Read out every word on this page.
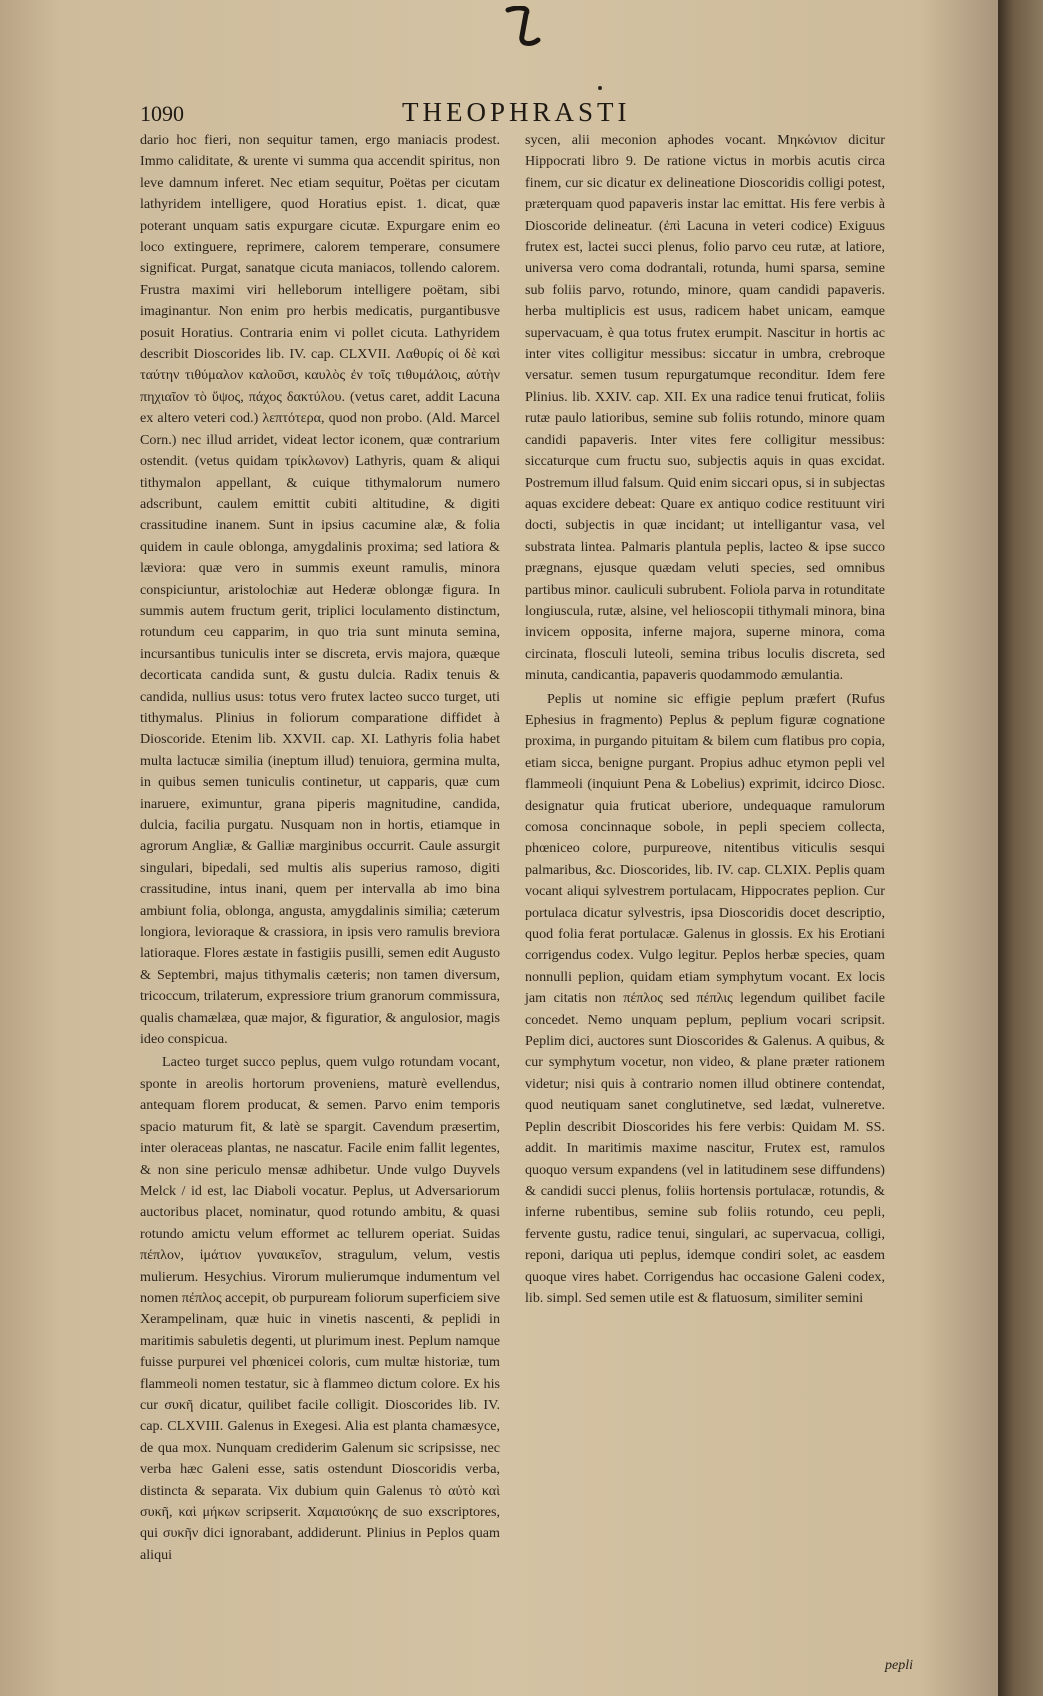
1090	THEOPHRASTI

dario hoc fieri, non sequitur tamen, ergo maniacis prodest. Immo caliditate, & urente vi summa qua accendit spiritus, non leve damnum inferet. Nec etiam sequitur, Poëtas per cicutam lathyridem intelligere, quod Horatius epist. 1. dicat, quæ poterant unquam satis expurgare cicutæ. Expurgare enim eo loco extinguere, reprimere, calorem temperare, consumere significat. Purgat, sanatque cicuta maniacos, tollendo calorem. Frustra maximi viri helleborum intelligere poëtam, sibi imaginantur. Non enim pro herbis medicatis, purgantibusve posuit Horatius. Contraria enim vi pollet cicuta. Lathyridem describit Dioscorides lib. IV. cap. CLXVII. Λαθυρίς οἱ δὲ καὶ ταύτην τιθύμαλον καλοῦσι, καυλὸς ἐν τοῖς τιθυμάλοις, αὐτὴν πηχιαῖον τὸ ὕψος, πάχος δακτύλου. (vetus caret, addit Lacuna ex altero veteri cod.) λεπτότερα, quod non probo. (Ald. Marcel Corn.) nec illud arridet, videat lector iconem, quæ contrarium ostendit. (vetus quidam τρίκλωνον) Lathyris, quam & aliqui tithymalon appellant, & cuique tithymalorum numero adscribunt, caulem emittit cubiti altitudine, & digiti crassitudine inanem. Sunt in ipsius cacumine alæ, & folia quidem in caule oblonga, amygdalinis proxima; sed latiora & læviora: quæ vero in summis exeunt ramulis, minora conspiciuntur, aristolochiæ aut Hederæ oblongæ figura. In summis autem fructum gerit, triplici loculamento distinctum, rotundum ceu capparim, in quo tria sunt minuta semina, incursantibus tuniculis inter se discreta, ervis majora, quæque decorticata candida sunt, & gustu dulcia. Radix tenuis & candida, nullius usus: totus vero frutex lacteo succo turget, uti tithymalus. Plinius in foliorum comparatione diffidet à Dioscoride. Etenim lib. XXVII. cap. XI. Lathyris folia habet multa lactucæ similia (ineptum illud) tenuiora, germina multa, in quibus semen tuniculis continetur, ut capparis, quæ cum inaruere, eximuntur, grana piperis magnitudine, candida, dulcia, facilia purgatu. Nusquam non in hortis, etiamque in agrorum Angliæ, & Galliæ marginibus occurrit. Caule assurgit singulari, bipedali, sed multis alis superius ramoso, digiti crassitudine, intus inani, quem per intervalla ab imo bina ambiunt folia, oblonga, angusta, amygdalinis similia; cæterum longiora, levioraque & crassiora, in ipsis vero ramulis breviora latioraque. Flores æstate in fastigiis pusilli, semen edit Augusto & Septembri, majus tithymalis cæteris; non tamen diversum, tricoccum, trilaterum, expressiore trium granorum commissura, qualis chamælæa, quæ major, & figuratior, & angulosior, magis ideo conspicua.

Lacteo turget succo peplus, quem vulgo rotundam vocant, sponte in areolis hortorum proveniens, maturè evellendus, antequam florem producat, & semen. Parvo enim temporis spacio maturum fit, & latè se spargit. Cavendum præsertim, inter oleraceas plantas, ne nascatur. Facile enim fallit legentes, & non sine periculo mensæ adhibetur. Unde vulgo Duyvels Melck / id est, lac Diaboli vocatur. Peplus, ut Adversariorum auctoribus placet, nominatur, quod rotundo ambitu, & quasi rotundo amictu velum efformet ac tellurem operiat. Suidas πέπλον, ἱμάτιον γυναικεῖον, stragulum, velum, vestis mulierum. Hesychius. Virorum mulierumque indumentum vel nomen πέπλος accepit, ob purpuream foliorum superficiem sive Xerampelinam, quæ huic in vinetis nascenti, & peplidi in maritimis sabuletis degenti, ut plurimum inest. Peplum namque fuisse purpurei vel phœnicei coloris, cum multæ historiæ, tum flammeoli nomen testatur, sic à flammeo dictum colore. Ex his cur συκῆ dicatur, quilibet facile colligit. Dioscorides lib. IV. cap. CLXVIII. Galenus in Exegesi. Alia est planta chamæsyce, de qua mox. Nunquam crediderim Galenum sic scripsisse, nec verba hæc Galeni esse, satis ostendunt Dioscoridis verba, distincta & separata. Vix dubium quin Galenus τὸ αὐτὸ καὶ συκῆ, καὶ μήκων scripserit. Χαμαισύκης de suo exscriptores, qui συκῆν dici ignorabant, addiderunt. Plinius in Peplos quam aliqui

sycen, alii meconion aphodes vocant. Μηκώνιον dicitur Hippocrati libro 9. De ratione victus in morbis acutis circa finem, cur sic dicatur ex delineatione Dioscoridis colligi potest, præterquam quod papaveris instar lac emittat. His fere verbis à Dioscoride delineatur. (ἐπὶ Lacuna in veteri codice) Exiguus frutex est, lactei succi plenus, folio parvo ceu rutæ, at latiore, universa vero coma dodrantali, rotunda, humi sparsa, semine sub foliis parvo, rotundo, minore, quam candidi papaveris. herba multiplicis est usus, radicem habet unicam, eamque supervacuam, è qua totus frutex erumpit. Nascitur in hortis ac inter vites colligitur messibus: siccatur in umbra, crebroque versatur. semen tusum repurgatumque reconditur. Idem fere Plinius. lib. XXIV. cap. XII. Ex una radice tenui fruticat, foliis rutæ paulo latioribus, semine sub foliis rotundo, minore quam candidi papaveris. Inter vites fere colligitur messibus: siccaturque cum fructu suo, subjectis aquis in quas excidat. Postremum illud falsum. Quid enim siccari opus, si in subjectas aquas excidere debeat: Quare ex antiquo codice restituunt viri docti, subjectis in quæ incidant; ut intelligantur vasa, vel substrata lintea. Palmaris plantula peplis, lacteo & ipse succo prægnans, ejusque quædam veluti species, sed omnibus partibus minor. cauliculi subrubent. Foliola parva in rotunditate longiuscula, rutæ, alsine, vel helioscopii tithymali minora, bina invicem opposita, inferne majora, superne minora, coma circinata, flosculi luteoli, semina tribus loculis discreta, sed minuta, candicantia, papaveris quodammodo æmulantia.

Peplis ut nomine sic effigie peplum præfert (Rufus Ephesius in fragmento) Peplus & peplum figuræ cognatione proxima, in purgando pituitam & bilem cum flatibus pro copia, etiam sicca, benigne purgant. Propius adhuc etymon pepli vel flammeoli (inquiunt Pena & Lobelius) exprimit, idcirco Diosc. designatur quia fruticat uberiore, undequaque ramulorum comosa concinnaque sobole, in pepli speciem collecta, phœniceo colore, purpureove, nitentibus viticulis sesqui palmaribus, &c. Dioscorides, lib. IV. cap. CLXIX. Peplis quam vocant aliqui sylvestrem portulacam, Hippocrates peplion. Cur portulaca dicatur sylvestris, ipsa Dioscoridis docet descriptio, quod folia ferat portulacæ. Galenus in glossis. Ex his Erotiani corrigendus codex. Vulgo legitur. Peplos herbæ species, quam nonnulli peplion, quidam etiam symphytum vocant. Ex locis jam citatis non πέπλος sed πέπλις legendum quilibet facile concedet. Nemo unquam peplum, peplium vocari scripsit. Peplim dici, auctores sunt Dioscorides & Galenus. A quibus, & cur symphytum vocetur, non video, & plane præter rationem videtur; nisi quis à contrario nomen illud obtinere contendat, quod neutiquam sanet conglutinetve, sed lædat, vulneretve. Peplin describit Dioscorides his fere verbis: Quidam M. SS. addit. In maritimis maxime nascitur, Frutex est, ramulos quoquo versum expandens (vel in latitudinem sese diffundens) & candidi succi plenus, foliis hortensis portulacæ, rotundis, & inferne rubentibus, semine sub foliis rotundo, ceu pepli, fervente gustu, radice tenui, singulari, ac supervacua, colligi, reponi, dariqua uti peplus, idemque condiri solet, ac easdem quoque vires habet. Corrigendus hac occasione Galeni codex, lib. simpl. Sed semen utile est & flatuosum, similiter semini

pepli
